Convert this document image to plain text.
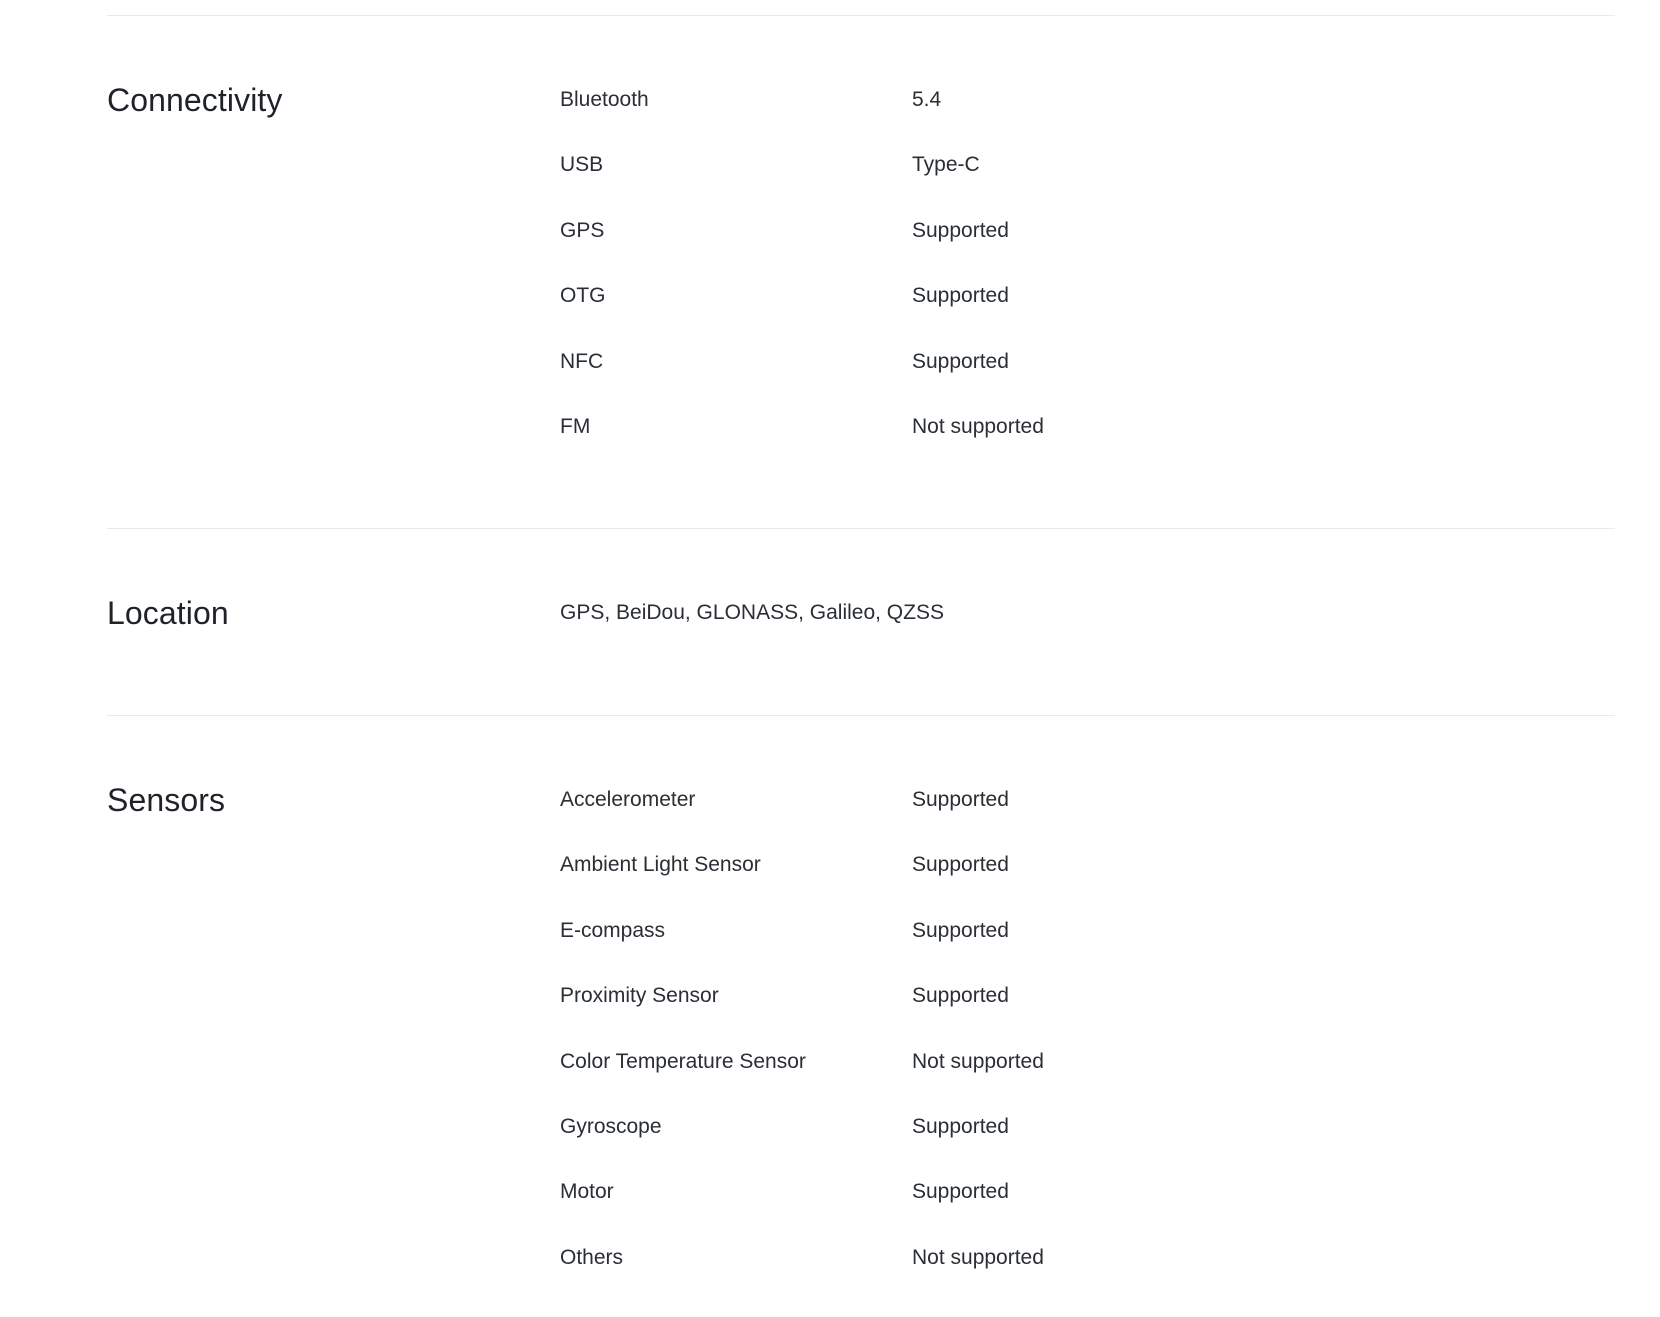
Connectivity	Bluetooth	5.4
USB	Type-C
GPS	Supported
OTG	Supported
NFC	Supported
FM	Not supported
Location	GPS, BeiDou, GLONASS, Galileo, QZSS
Sensors	Accelerometer	Supported
Ambient Light Sensor	Supported
E-compass	Supported
Proximity Sensor	Supported
Color Temperature Sensor	Not supported
Gyroscope	Supported
Motor	Supported
Others	Not supported
